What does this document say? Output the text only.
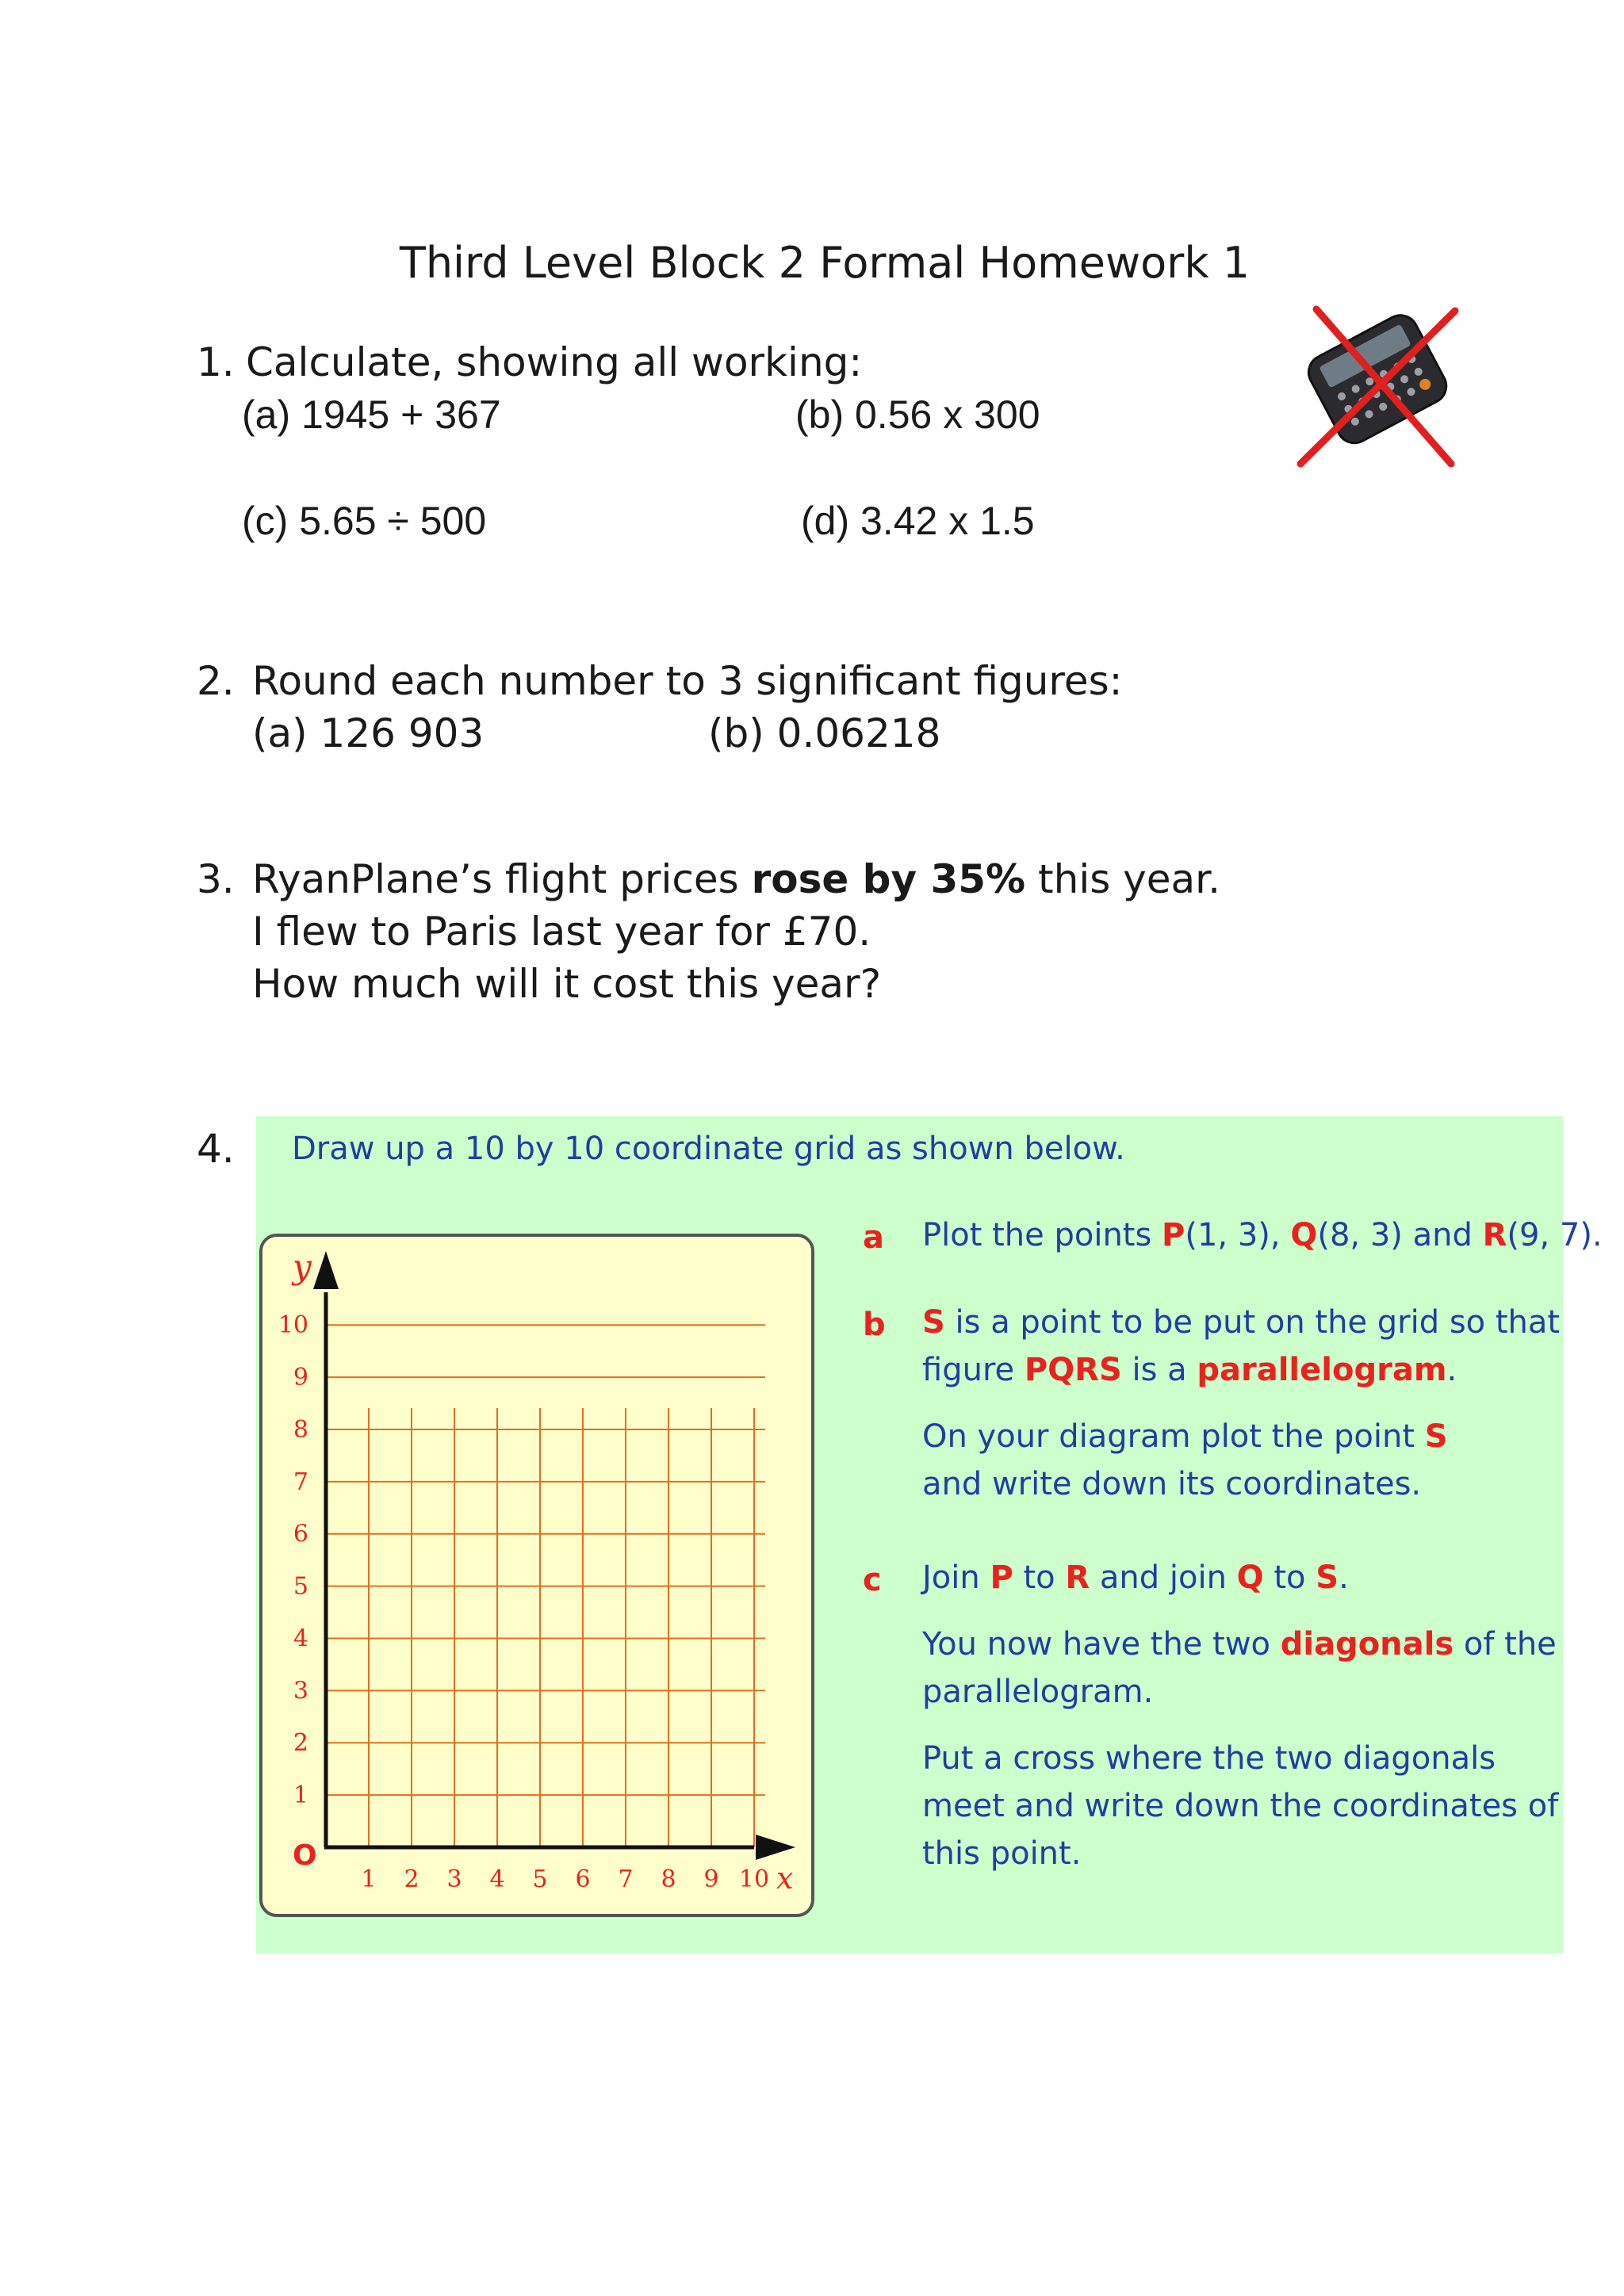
Third Level Block 2 Formal Homework 1
1. Calculate, showing all working:
(a) 1945 + 367	(b) 0.56 x 300
(c) 5.65 ÷ 500	(d) 3.42 x 1.5
2. Round each number to 3 significant figures:
(a) 126 903	(b) 0.06218
3. RyanPlane’s flight prices rose by 35% this year.
I flew to Paris last year for £70.
How much will it cost this year?
4. Draw up a 10 by 10 coordinate grid as shown below.
y
x
O
10
9
8
7
6
5
4
3
2
1
1 2 3 4 5 6 7 8 9 10
a Plot the points P(1, 3), Q(8, 3) and R(9, 7).
b S is a point to be put on the grid so that
figure PQRS is a parallelogram.
On your diagram plot the point S
and write down its coordinates.
c Join P to R and join Q to S.
You now have the two diagonals of the
parallelogram.
Put a cross where the two diagonals
meet and write down the coordinates of
this point.
